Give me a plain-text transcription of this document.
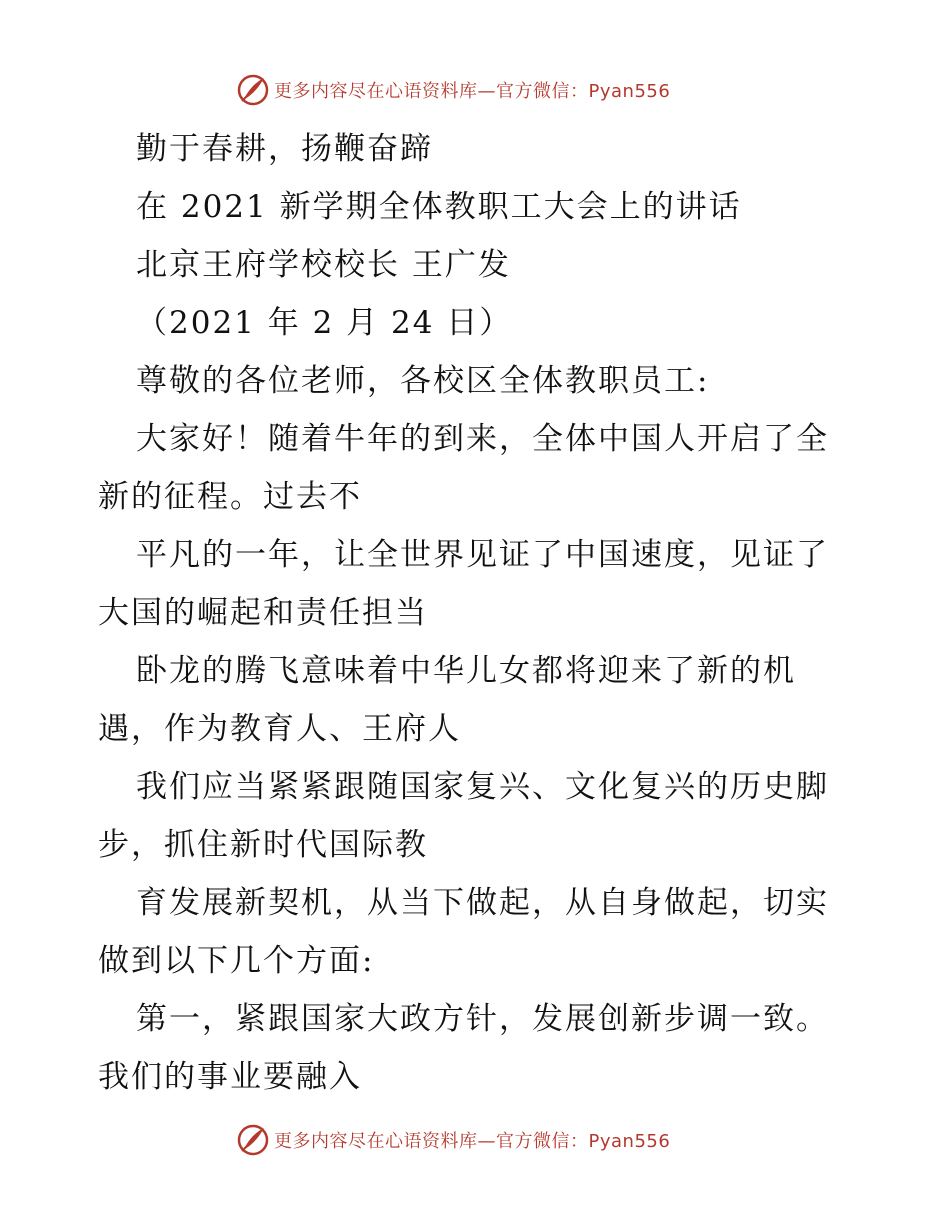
更多内容尽在心语资料库—官方微信：Pyan556
勤于春耕，扬鞭奋蹄
在 2021 新学期全体教职工大会上的讲话
北京王府学校校长 王广发
（2021 年 2 月 24 日）
尊敬的各位老师，各校区全体教职员工:
大家好！随着牛年的到来，全体中国人开启了全
新的征程。过去不
平凡的一年，让全世界见证了中国速度，见证了
大国的崛起和责任担当
卧龙的腾飞意味着中华儿女都将迎来了新的机
遇，作为教育人、王府人
我们应当紧紧跟随国家复兴、文化复兴的历史脚
步，抓住新时代国际教
育发展新契机，从当下做起，从自身做起，切实
做到以下几个方面:
第一，紧跟国家大政方针，发展创新步调一致。
我们的事业要融入
更多内容尽在心语资料库—官方微信：Pyan556
